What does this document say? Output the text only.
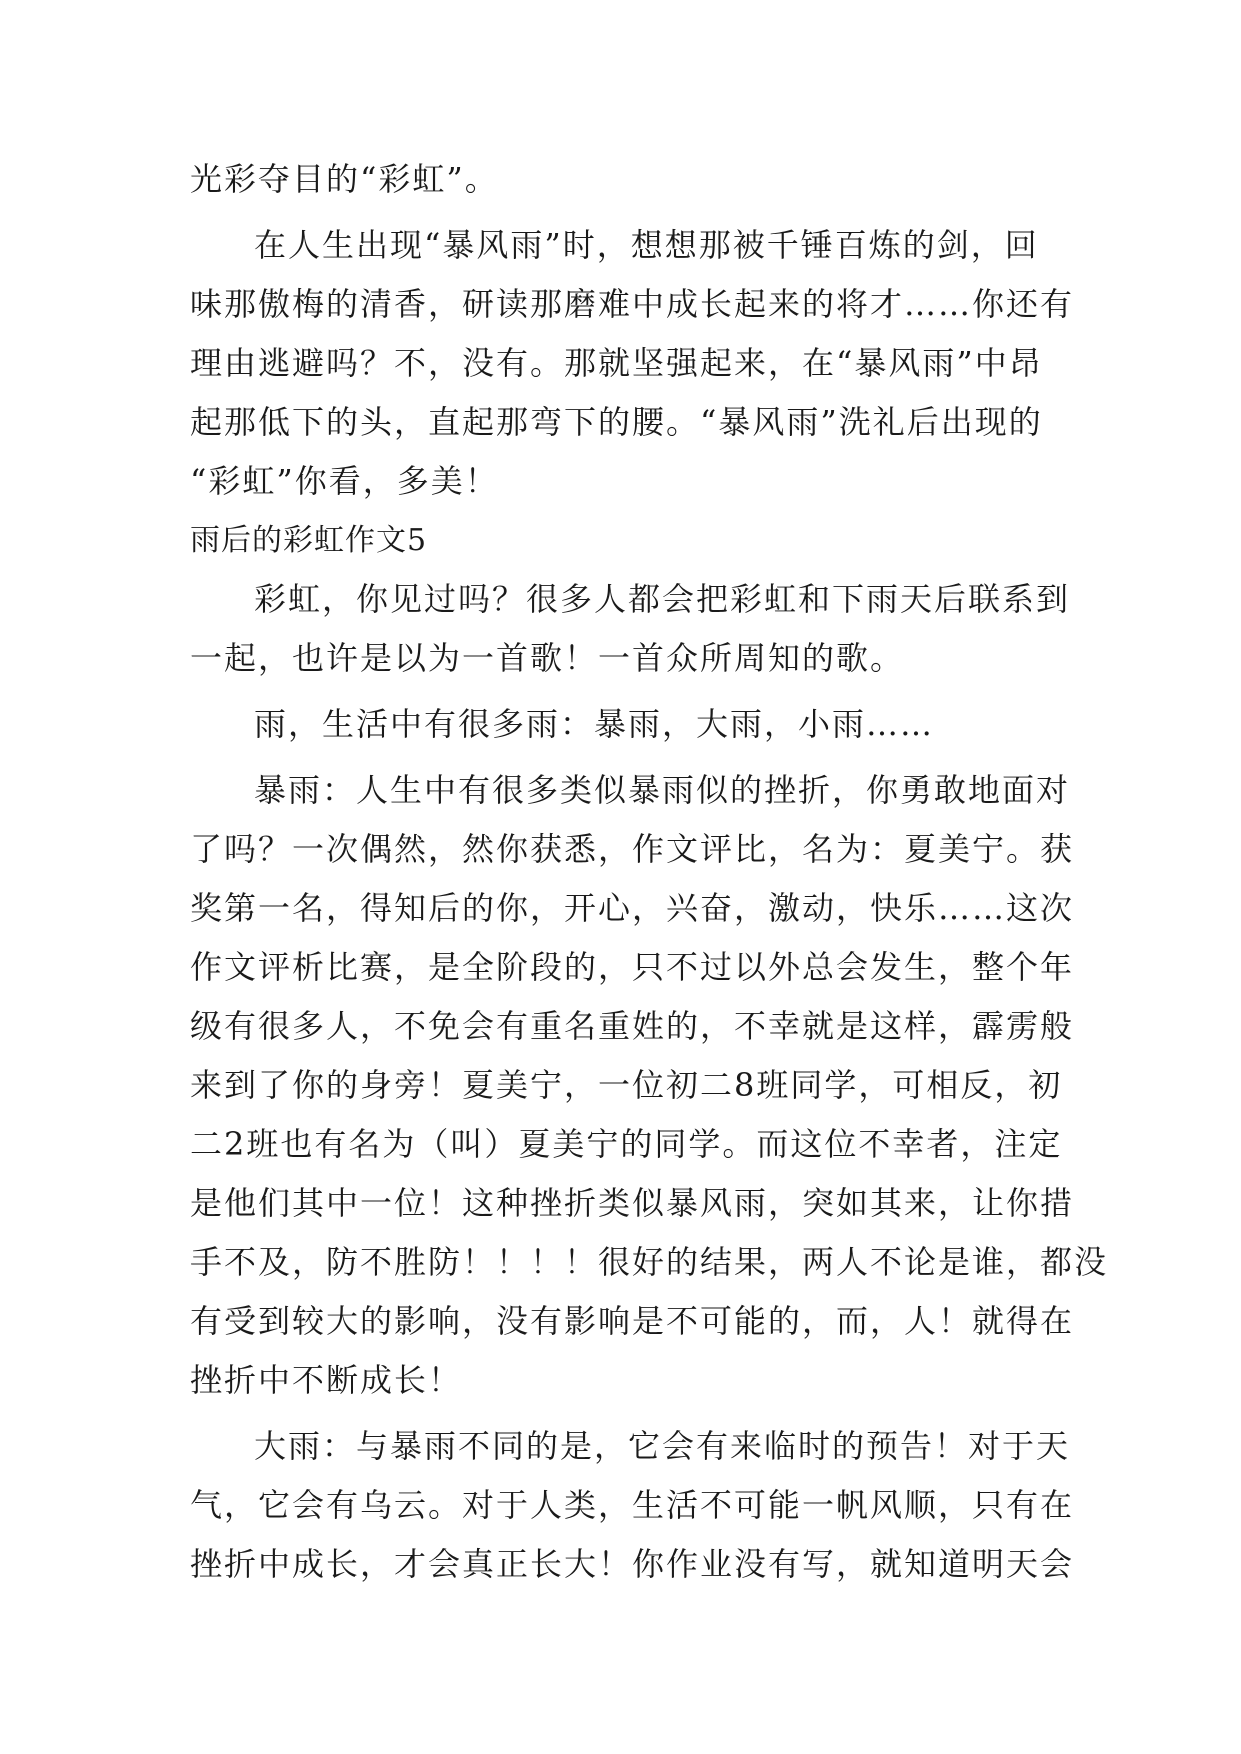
光彩夺目的“彩虹”。
在人生出现“暴风雨”时，想想那被千锤百炼的剑，回
味那傲梅的清香，研读那磨难中成长起来的将才……你还有
理由逃避吗？不，没有。那就坚强起来，在“暴风雨”中昂
起那低下的头，直起那弯下的腰。“暴风雨”洗礼后出现的
“彩虹”你看，多美！
雨后的彩虹作文5
彩虹，你见过吗？很多人都会把彩虹和下雨天后联系到
一起，也许是以为一首歌！一首众所周知的歌。
雨，生活中有很多雨：暴雨，大雨，小雨……
暴雨：人生中有很多类似暴雨似的挫折，你勇敢地面对
了吗？一次偶然，然你获悉，作文评比，名为：夏美宁。获
奖第一名，得知后的你，开心，兴奋，激动，快乐……这次
作文评析比赛，是全阶段的，只不过以外总会发生，整个年
级有很多人，不免会有重名重姓的，不幸就是这样，霹雳般
来到了你的身旁！夏美宁，一位初二8班同学，可相反，初
二2班也有名为（叫）夏美宁的同学。而这位不幸者，注定
是他们其中一位！这种挫折类似暴风雨，突如其来，让你措
手不及，防不胜防！！！！很好的结果，两人不论是谁，都没
有受到较大的影响，没有影响是不可能的，而，人！就得在
挫折中不断成长！
大雨：与暴雨不同的是，它会有来临时的预告！对于天
气，它会有乌云。对于人类，生活不可能一帆风顺，只有在
挫折中成长，才会真正长大！你作业没有写，就知道明天会
